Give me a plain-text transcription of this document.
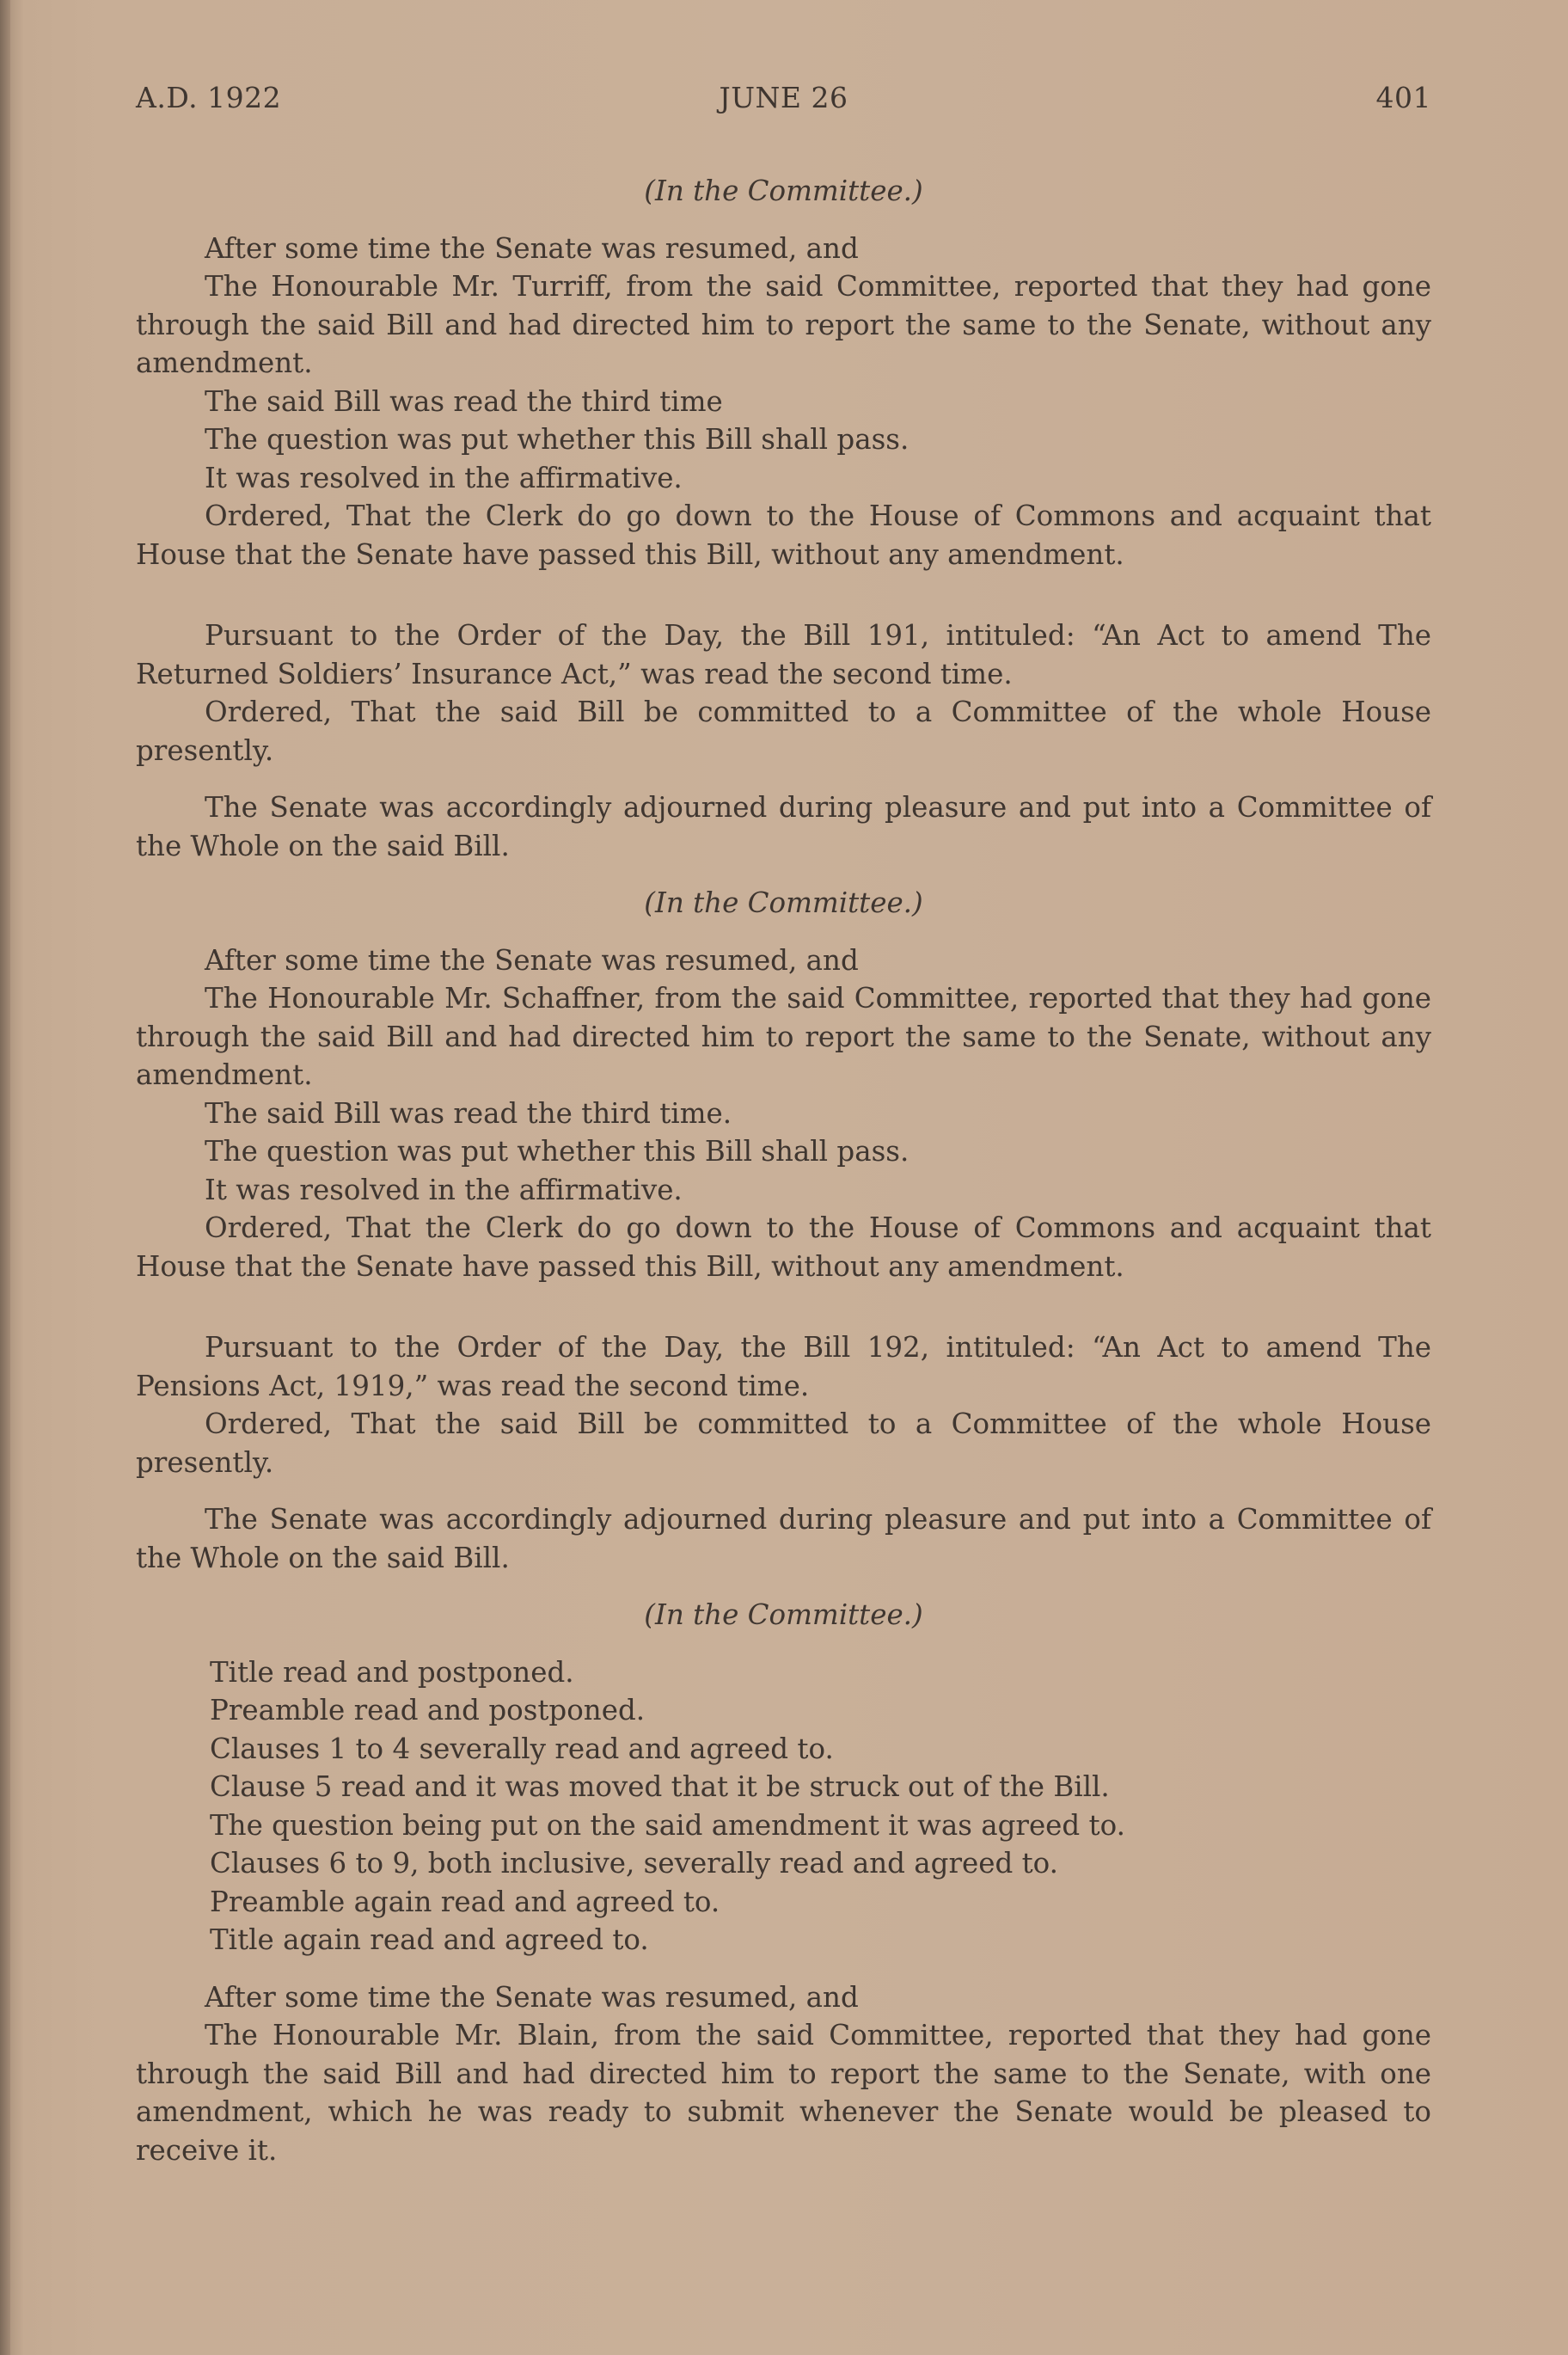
A.D. 1922	JUNE 26	401

(In the Committee.)

After some time the Senate was resumed, and

The Honourable Mr. Turriff, from the said Committee, reported that they had gone through the said Bill and had directed him to report the same to the Senate, without any amendment.

The said Bill was read the third time

The question was put whether this Bill shall pass.

It was resolved in the affirmative.

Ordered, That the Clerk do go down to the House of Commons and acquaint that House that the Senate have passed this Bill, without any amendment.

Pursuant to the Order of the Day, the Bill 191, intituled: “An Act to amend The Returned Soldiers’ Insurance Act,” was read the second time.

Ordered, That the said Bill be committed to a Committee of the whole House presently.

The Senate was accordingly adjourned during pleasure and put into a Committee of the Whole on the said Bill.

(In the Committee.)

After some time the Senate was resumed, and

The Honourable Mr. Schaffner, from the said Committee, reported that they had gone through the said Bill and had directed him to report the same to the Senate, without any amendment.

The said Bill was read the third time.

The question was put whether this Bill shall pass.

It was resolved in the affirmative.

Ordered, That the Clerk do go down to the House of Commons and acquaint that House that the Senate have passed this Bill, without any amendment.

Pursuant to the Order of the Day, the Bill 192, intituled: “An Act to amend The Pensions Act, 1919,” was read the second time.

Ordered, That the said Bill be committed to a Committee of the whole House presently.

The Senate was accordingly adjourned during pleasure and put into a Committee of the Whole on the said Bill.

(In the Committee.)

Title read and postponed.

Preamble read and postponed.

Clauses 1 to 4 severally read and agreed to.

Clause 5 read and it was moved that it be struck out of the Bill.

The question being put on the said amendment it was agreed to.

Clauses 6 to 9, both inclusive, severally read and agreed to.

Preamble again read and agreed to.

Title again read and agreed to.

After some time the Senate was resumed, and

The Honourable Mr. Blain, from the said Committee, reported that they had gone through the said Bill and had directed him to report the same to the Senate, with one amendment, which he was ready to submit whenever the Senate would be pleased to receive it.
